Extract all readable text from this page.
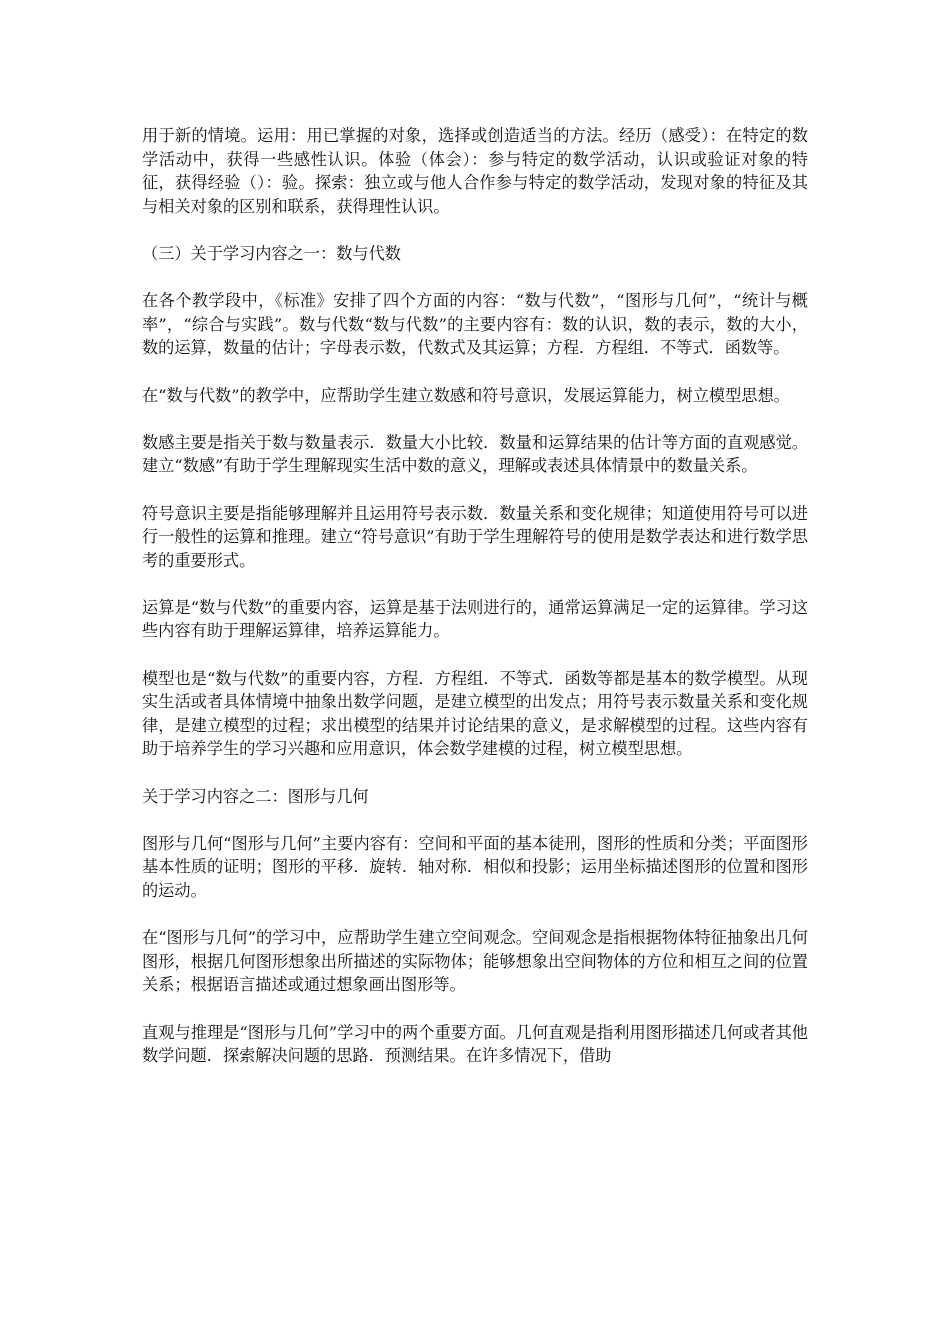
用于新的情境。运用：用已掌握的对象，选择或创造适当的方法。经历（感受）：在特定的数学活动中，获得一些感性认识。体验（体会）：参与特定的数学活动，认识或验证对象的特征，获得经验（）：验。探索：独立或与他人合作参与特定的数学活动，发现对象的特征及其与相关对象的区别和联系，获得理性认识。

（三）关于学习内容之一：数与代数

在各个教学段中，《标准》安排了四个方面的内容：“数与代数”，“图形与几何”，“统计与概率”，“综合与实践”。数与代数“数与代数”的主要内容有：数的认识，数的表示，数的大小，数的运算，数量的估计；字母表示数，代数式及其运算；方程．方程组．不等式．函数等。

在“数与代数”的教学中，应帮助学生建立数感和符号意识，发展运算能力，树立模型思想。

数感主要是指关于数与数量表示．数量大小比较．数量和运算结果的估计等方面的直观感觉。建立“数感”有助于学生理解现实生活中数的意义，理解或表述具体情景中的数量关系。

符号意识主要是指能够理解并且运用符号表示数．数量关系和变化规律；知道使用符号可以进行一般性的运算和推理。建立“符号意识”有助于学生理解符号的使用是数学表达和进行数学思考的重要形式。

运算是“数与代数”的重要内容，运算是基于法则进行的，通常运算满足一定的运算律。学习这些内容有助于理解运算律，培养运算能力。

模型也是“数与代数”的重要内容，方程．方程组．不等式．函数等都是基本的数学模型。从现实生活或者具体情境中抽象出数学问题，是建立模型的出发点；用符号表示数量关系和变化规律，是建立模型的过程；求出模型的结果并讨论结果的意义，是求解模型的过程。这些内容有助于培养学生的学习兴趣和应用意识，体会数学建模的过程，树立模型思想。

关于学习内容之二：图形与几何

图形与几何“图形与几何”主要内容有：空间和平面的基本徒刑，图形的性质和分类；平面图形基本性质的证明；图形的平移．旋转．轴对称．相似和投影；运用坐标描述图形的位置和图形的运动。

在“图形与几何”的学习中，应帮助学生建立空间观念。空间观念是指根据物体特征抽象出几何图形，根据几何图形想象出所描述的实际物体；能够想象出空间物体的方位和相互之间的位置关系；根据语言描述或通过想象画出图形等。

直观与推理是“图形与几何”学习中的两个重要方面。几何直观是指利用图形描述几何或者其他数学问题．探索解决问题的思路．预测结果。在许多情况下，借助
